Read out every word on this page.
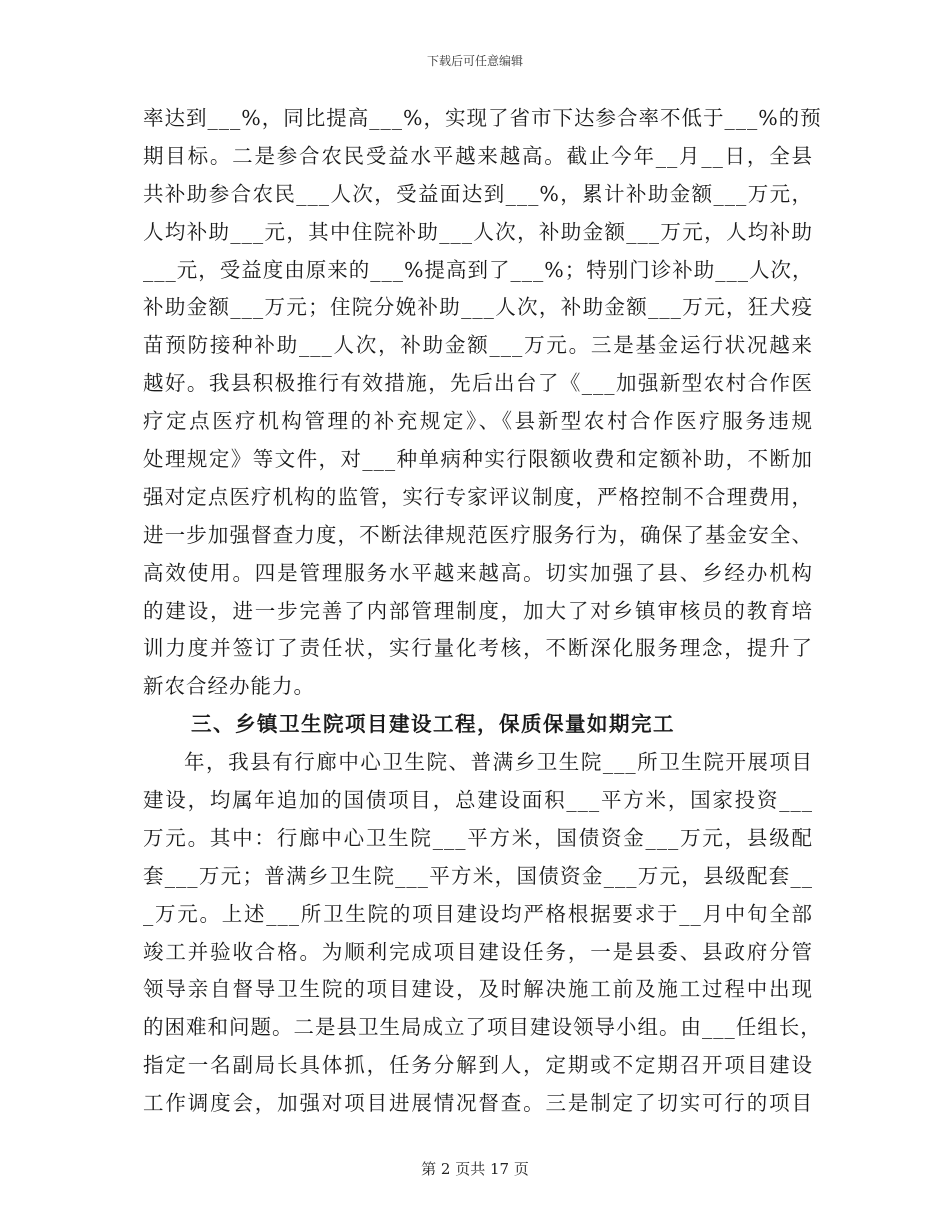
下载后可任意编辑
率达到___%，同比提高___%，实现了省市下达参合率不低于___%的预
期目标。二是参合农民受益水平越来越高。截止今年__月__日，全县
共补助参合农民___人次，受益面达到___%，累计补助金额___万元，
人均补助___元，其中住院补助___人次，补助金额___万元，人均补助
___元，受益度由原来的___%提高到了___%；特别门诊补助___人次，
补助金额___万元；住院分娩补助___人次，补助金额___万元，狂犬疫
苗预防接种补助___人次，补助金额___万元。三是基金运行状况越来
越好。我县积极推行有效措施，先后出台了《___加强新型农村合作医
疗定点医疗机构管理的补充规定》、《县新型农村合作医疗服务违规
处理规定》等文件，对___种单病种实行限额收费和定额补助，不断加
强对定点医疗机构的监管，实行专家评议制度，严格控制不合理费用，
进一步加强督查力度，不断法律规范医疗服务行为，确保了基金安全、
高效使用。四是管理服务水平越来越高。切实加强了县、乡经办机构
的建设，进一步完善了内部管理制度，加大了对乡镇审核员的教育培
训力度并签订了责任状，实行量化考核，不断深化服务理念，提升了
新农合经办能力。
三、乡镇卫生院项目建设工程，保质保量如期完工
年，我县有行廊中心卫生院、普满乡卫生院___所卫生院开展项目
建设，均属年追加的国债项目，总建设面积___平方米，国家投资___
万元。其中：行廊中心卫生院___平方米，国债资金___万元，县级配
套___万元；普满乡卫生院___平方米，国债资金___万元，县级配套__
_万元。上述___所卫生院的项目建设均严格根据要求于__月中旬全部
竣工并验收合格。为顺利完成项目建设任务，一是县委、县政府分管
领导亲自督导卫生院的项目建设，及时解决施工前及施工过程中出现
的困难和问题。二是县卫生局成立了项目建设领导小组。由___任组长，
指定一名副局长具体抓，任务分解到人，定期或不定期召开项目建设
工作调度会，加强对项目进展情况督查。三是制定了切实可行的项目
第 2 页共 17 页
